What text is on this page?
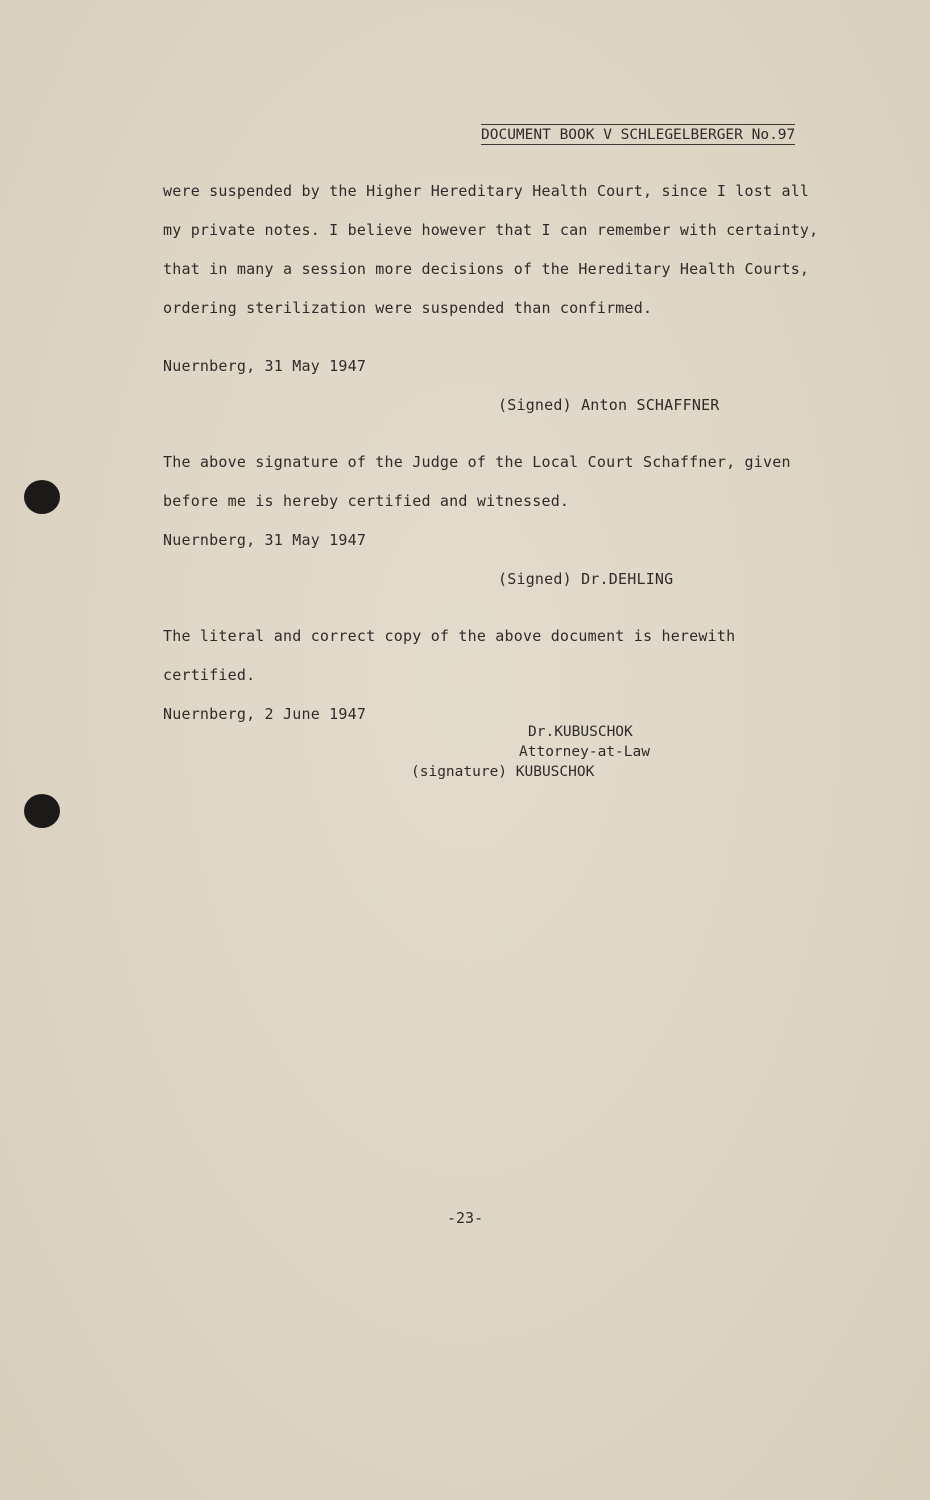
DOCUMENT BOOK V SCHLEGELBERGER No.97
were suspended by the Higher Hereditary Health Court, since I lost all
my private notes. I believe however that I can remember with certainty,
that in many a session more decisions of the Hereditary Health Courts,
ordering sterilization were suspended than confirmed.
Nuernberg, 31 May 1947
(Signed) Anton SCHAFFNER
The above signature of the Judge of the Local Court Schaffner, given
before me is hereby certified and witnessed.
Nuernberg, 31 May 1947
(Signed) Dr.DEHLING
The literal and correct copy of the above document is herewith
certified.
Nuernberg, 2 June 1947
Dr.KUBUSCHOK
Attorney-at-Law
(signature) KUBUSCHOK
-23-
